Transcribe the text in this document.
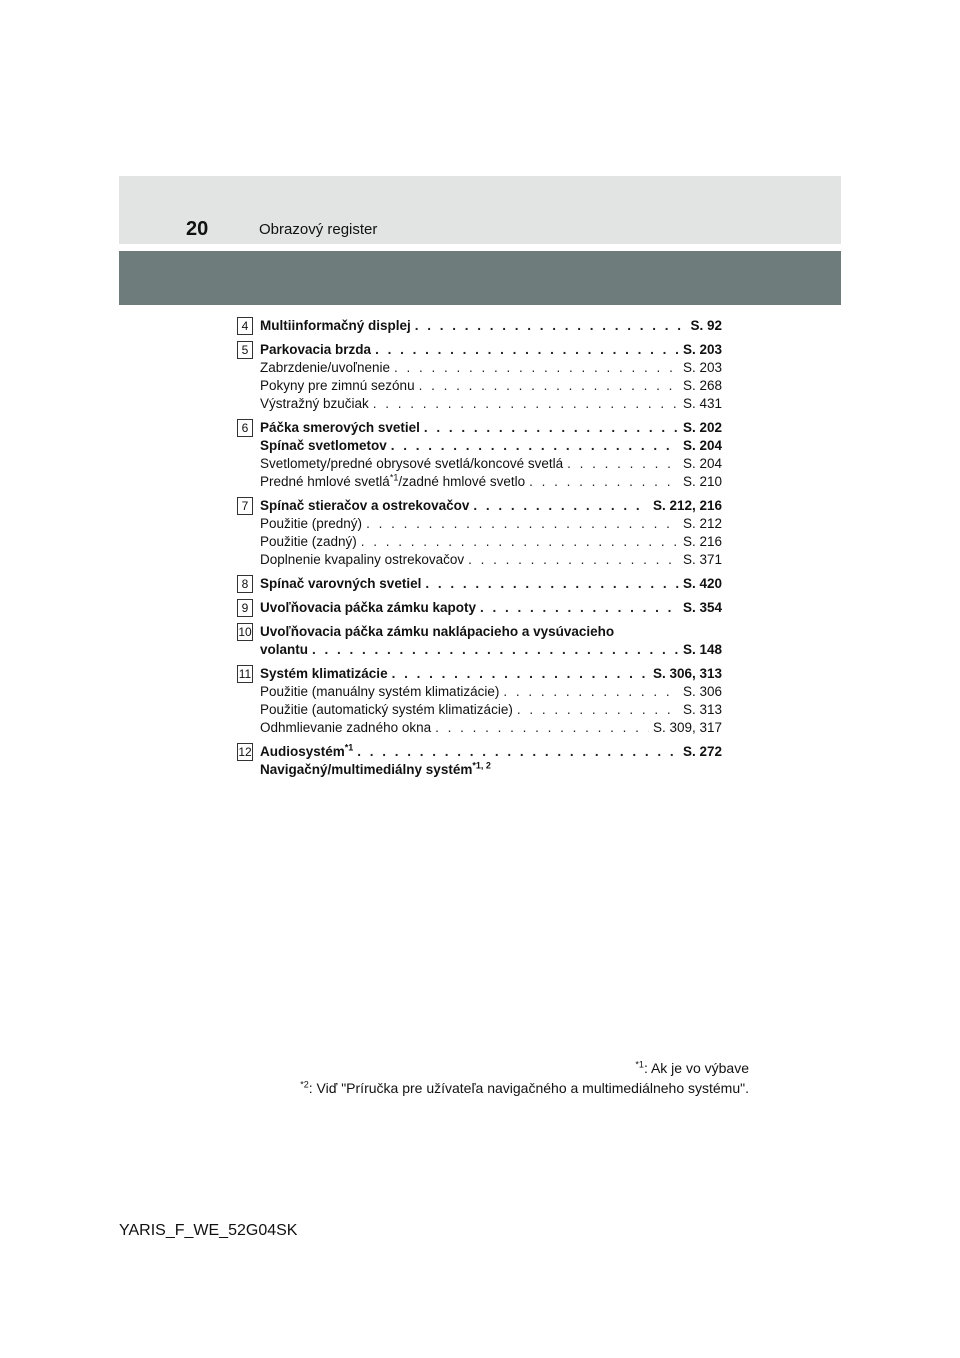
20	Obrazový register
4 Multiinformačný displej . . .	S. 92
5 Parkovacia brzda . . .	S. 203
Zabrzdenie/uvoľnenie . . .	S. 203
Pokyny pre zimnú sezónu . . .	S. 268
Výstražný bzučiak . . .	S. 431
6 Páčka smerových svetiel . . .	S. 202
Spínač svetlometov . . .	S. 204
Svetlomety/predné obrysové svetlá/koncové svetlá . . .	S. 204
Predné hmlové svetlá$^{*1}$/zadné hmlové svetlo . . .	S. 210
7 Spínač stieračov a ostrekovačov . . .	S. 212, 216
Použitie (predný) . . .	S. 212
Použitie (zadný) . . .	S. 216
Doplnenie kvapaliny ostrekovačov . . .	S. 371
8 Spínač varovných svetiel . . .	S. 420
9 Uvoľňovacia páčka zámku kapoty . . .	S. 354
10 Uvoľňovacia páčka zámku naklápacieho a vysúvacieho
volantu . . .	S. 148
11 Systém klimatizácie . . .	S. 306, 313
Použitie (manuálny systém klimatizácie) . . .	S. 306
Použitie (automatický systém klimatizácie) . . .	S. 313
Odhmlievanie zadného okna . . .	S. 309, 317
12 Audiosystém$^{*1}$ . . .	S. 272
Navigačný/multimediálny systém$^{*1, 2}$
$^{*1}$: Ak je vo výbave
$^{*2}$: Viď "Príručka pre užívateľa navigačného a multimediálneho systému".
YARIS_F_WE_52G04SK
